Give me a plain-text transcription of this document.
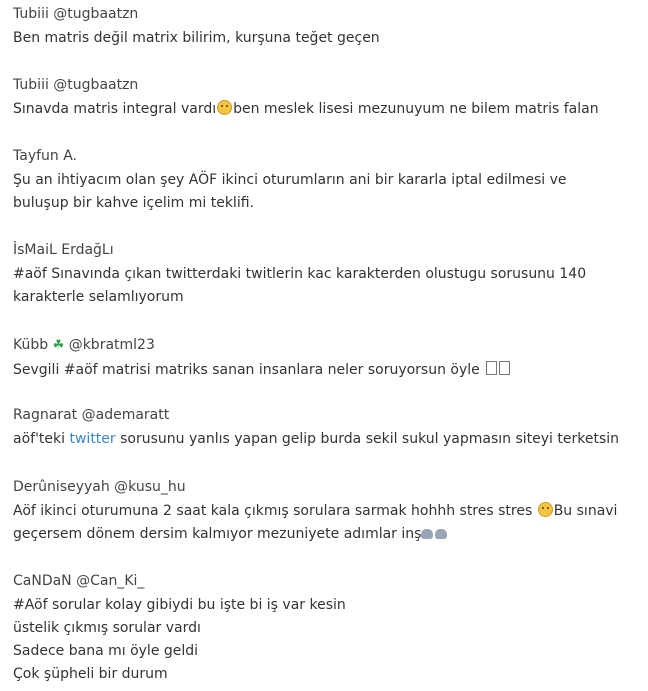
Tubiii @tugbaatzn
Ben matris değil matrix bilirim, kurşuna teğet geçen
Tubiii @tugbaatzn
Sınavda matris integral vardı ben meslek lisesi mezunuyum ne bilem matris falan
Tayfun A.
Şu an ihtiyacım olan şey AÖF ikinci oturumların ani bir kararla iptal edilmesi ve
buluşup bir kahve içelim mi teklifi.
İsMaiL ErdağLı
#aöf Sınavında çıkan twitterdaki twitlerin kac karakterden olustugu sorusunu 140
karakterle selamlıyorum
Kübb ☘ @kbratml23
Sevgili #aöf matrisi matriks sanan insanlara neler soruyorsun öyle
Ragnarat @ademaratt
aöf'teki twitter sorusunu yanlıs yapan gelip burda sekil sukul yapmasın siteyi terketsin
Derûniseyyah @kusu_hu
Aöf ikinci oturumuna 2 saat kala çıkmış sorulara sarmak hohhh stres stres Bu sınavi
geçersem dönem dersim kalmıyor mezuniyete adımlar inş
CaNDaN @Can_Ki_
#Aöf sorular kolay gibiydi bu işte bi iş var kesin
üstelik çıkmış sorular vardı
Sadece bana mı öyle geldi
Çok şüpheli bir durum
